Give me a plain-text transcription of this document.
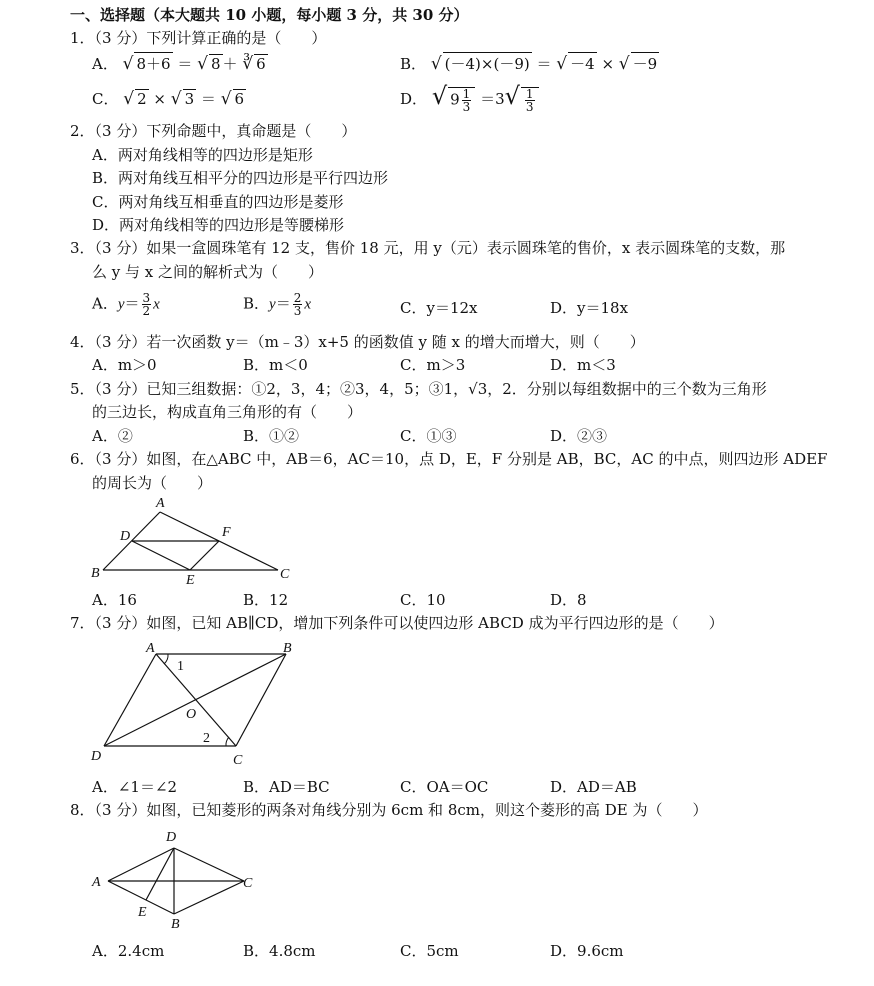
一、选择题（本大题共 10 小题，每小题 3 分，共 30 分）
1．（3 分）下列计算正确的是（　　）
A． √ 8＋6 ＝ √ 8 ＋ ∛ 6	B． √ (－4)×(－9) ＝ √ －4 × √ －9
C． √ 2 × √ 3 ＝ √ 6	D． √ $9 \frac{1}{3} =3√ \frac{1}{3}$
2．（3 分）下列命题中，真命题是（　　）
A．两对角线相等的四边形是矩形
B．两对角线互相平分的四边形是平行四边形
C．两对角线互相垂直的四边形是菱形
D．两对角线相等的四边形是等腰梯形
3．（3 分）如果一盒圆珠笔有 12 支，售价 18 元，用 y（元）表示圆珠笔的售价，x 表示圆珠笔的支数，那
么 y 与 x 之间的解析式为（　　）
A．$y= \frac{3}{2}$ x	B．$y= \frac{2}{3}$ x	C．y＝12x	D．y＝18x
4．（3 分）若一次函数 y＝（m﹣3）x+5 的函数值 y 随 x 的增大而增大，则（　　）
A．m＞0	B．m＜0	C．m＞3	D．m＜3
5．（3 分）已知三组数据：①2，3，4；②3，4，5；③1，√3，2．分别以每组数据中的三个数为三角形
的三边长，构成直角三角形的有（　　）
A．②	B．①②	C．①③	D．②③
6．（3 分）如图，在△ABC 中，AB＝6，AC＝10，点 D，E，F 分别是 AB，BC，AC 的中点，则四边形 ADEF
的周长为（　　）
A
D	F
B	E	C
A．16	B．12	C．10	D．8
7．（3 分）如图，已知 AB∥CD，增加下列条件可以使四边形 ABCD 成为平行四边形的是（　　）
A	B
O
D	C
1
2
A．∠1＝∠2	B．AD＝BC	C．OA＝OC	D．AD＝AB
8．（3 分）如图，已知菱形的两条对角线分别为 6cm 和 8cm，则这个菱形的高 DE 为（　　）
D
A	C
E
B
A．2.4cm	B．4.8cm	C．5cm	D．9.6cm
